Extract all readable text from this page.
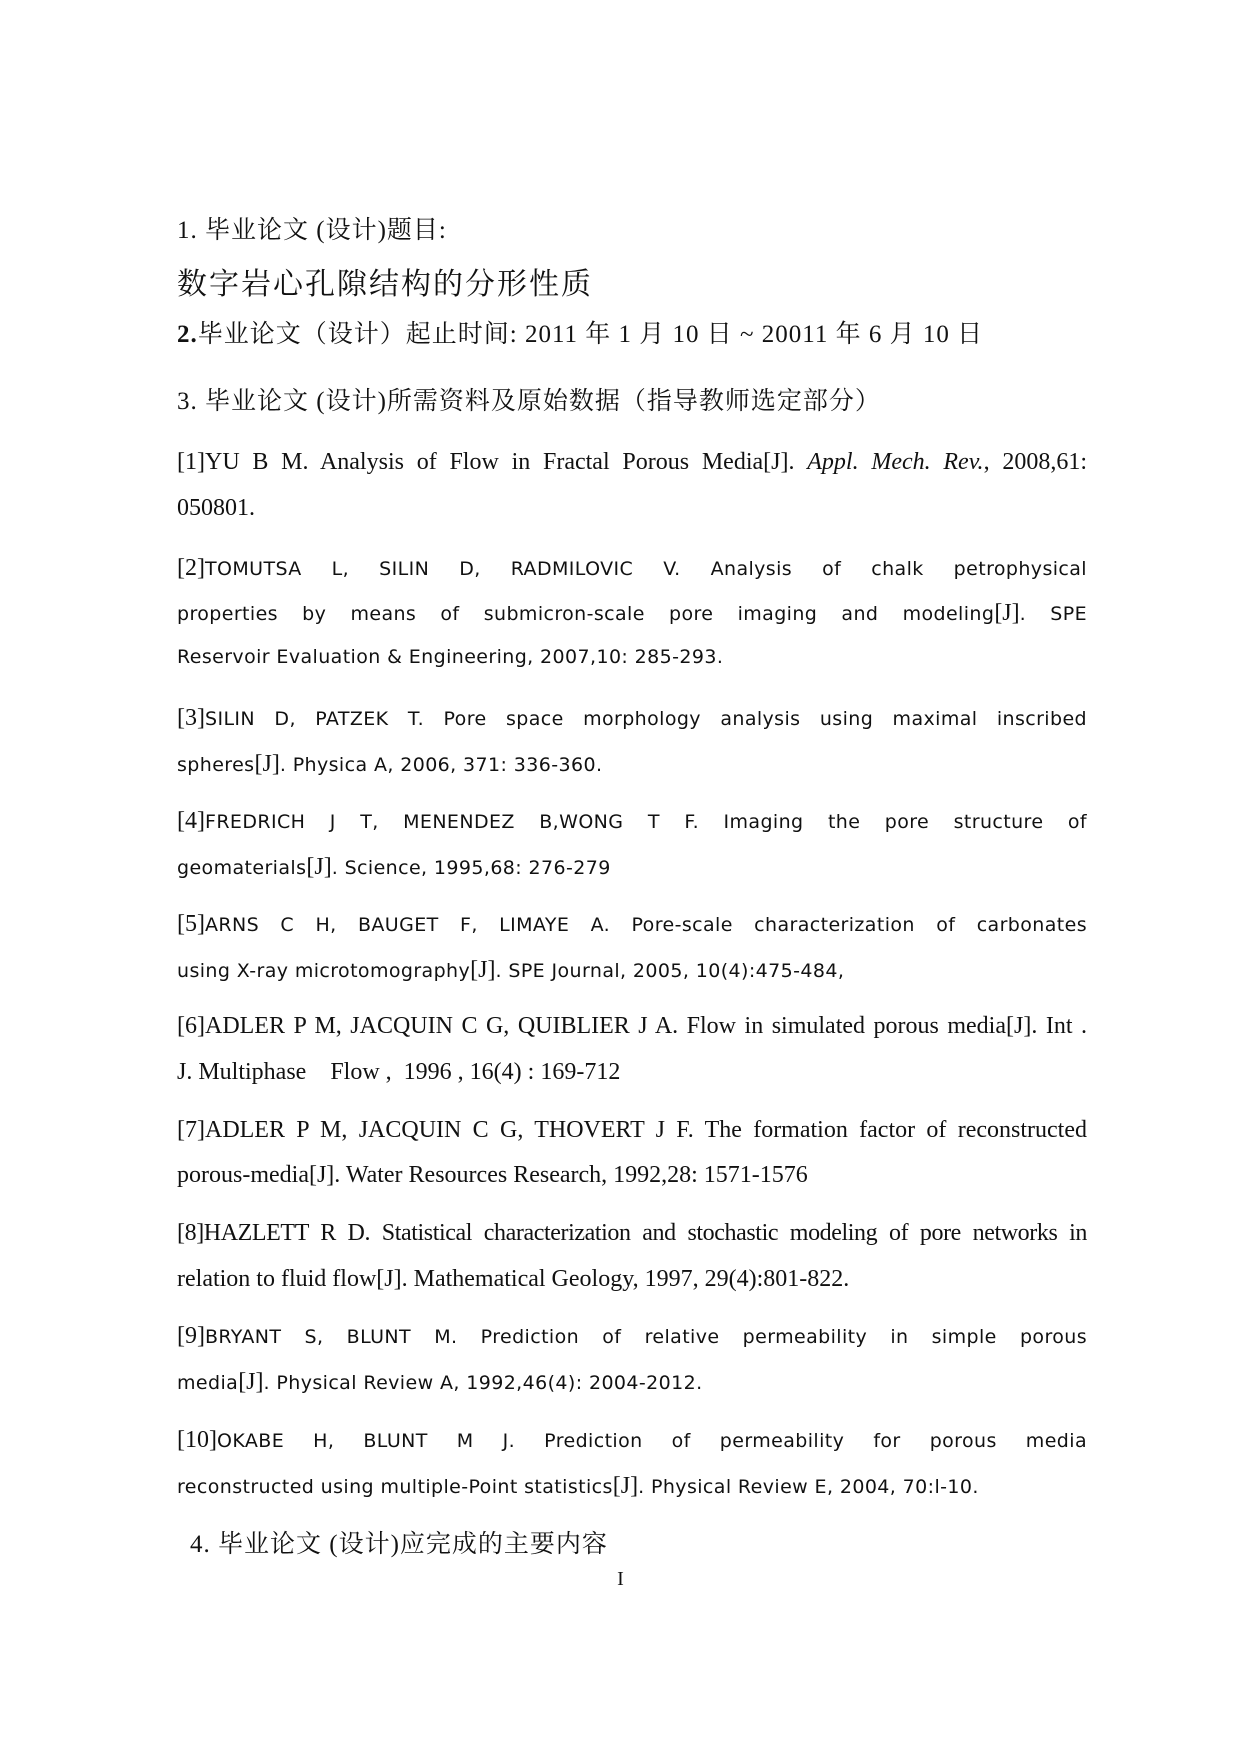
1. 毕业论文 (设计)题目:
数字岩心孔隙结构的分形性质
2.毕业论文（设计）起止时间: 2011 年 1 月 10 日 ~ 20011 年 6 月 10 日
3. 毕业论文 (设计)所需资料及原始数据（指导教师选定部分）
[1]YU B M. Analysis of Flow in Fractal Porous Media[J]. Appl. Mech. Rev., 2008,61:
050801.
[2]TOMUTSA L, SILIN D, RADMILOVIC V. Analysis of chalk petrophysical
properties by means of submicron-scale pore imaging and modeling[J]. SPE
Reservoir Evaluation & Engineering, 2007,10: 285-293.
[3]SILIN D, PATZEK T. Pore space morphology analysis using maximal inscribed
spheres[J]. Physica A, 2006, 371: 336-360.
[4]FREDRICH J T, MENENDEZ B,WONG T F. Imaging the pore structure of
geomaterials[J]. Science, 1995,68: 276-279
[5]ARNS C H, BAUGET F, LIMAYE A. Pore-scale characterization of carbonates
using X-ray microtomography[J]. SPE Journal, 2005, 10(4):475-484,
[6]ADLER P M, JACQUIN C G, QUIBLIER J A. Flow in simulated porous media[J]. Int .
J. Multiphase    Flow ,  1996 , 16(4) : 169-712
[7]ADLER P M, JACQUIN C G, THOVERT J F. The formation factor of reconstructed
porous-media[J]. Water Resources Research, 1992,28: 1571-1576
[8]HAZLETT R D. Statistical characterization and stochastic modeling of pore networks in
relation to fluid flow[J]. Mathematical Geology, 1997, 29(4):801-822.
[9]BRYANT S, BLUNT M. Prediction of relative permeability in simple porous
media[J]. Physical Review A, 1992,46(4): 2004-2012.
[10]OKABE H, BLUNT M J. Prediction of permeability for porous media
reconstructed using multiple-Point statistics[J]. Physical Review E, 2004, 70:l-10.
4. 毕业论文 (设计)应完成的主要内容
I
